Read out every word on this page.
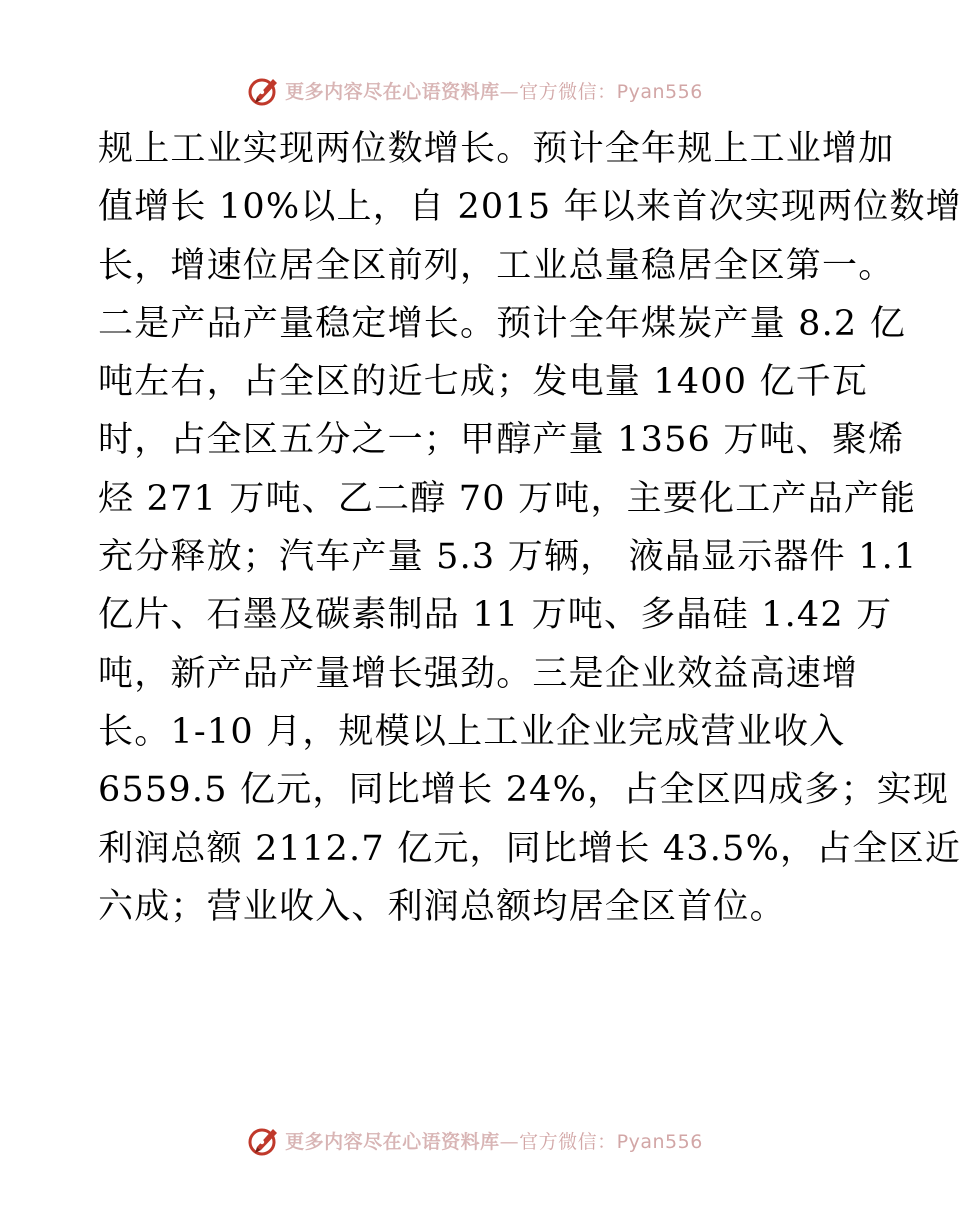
更多内容尽在心语资料库—官方微信：Pyan556
规上工业实现两位数增长。预计全年规上工业增加
值增长 10%以上，自 2015 年以来首次实现两位数增
长，增速位居全区前列，工业总量稳居全区第一。
二是产品产量稳定增长。预计全年煤炭产量 8.2 亿
吨左右，占全区的近七成；发电量 1400 亿千瓦
时，占全区五分之一；甲醇产量 1356 万吨、聚烯
烃 271 万吨、乙二醇 70 万吨，主要化工产品产能
充分释放；汽车产量 5.3 万辆， 液晶显示器件 1.1
亿片、石墨及碳素制品 11 万吨、多晶硅 1.42 万
吨，新产品产量增长强劲。三是企业效益高速增
长。1-10 月，规模以上工业企业完成营业收入
6559.5 亿元，同比增长 24%，占全区四成多；实现
利润总额 2112.7 亿元，同比增长 43.5%，占全区近
六成；营业收入、利润总额均居全区首位。
更多内容尽在心语资料库—官方微信：Pyan556
